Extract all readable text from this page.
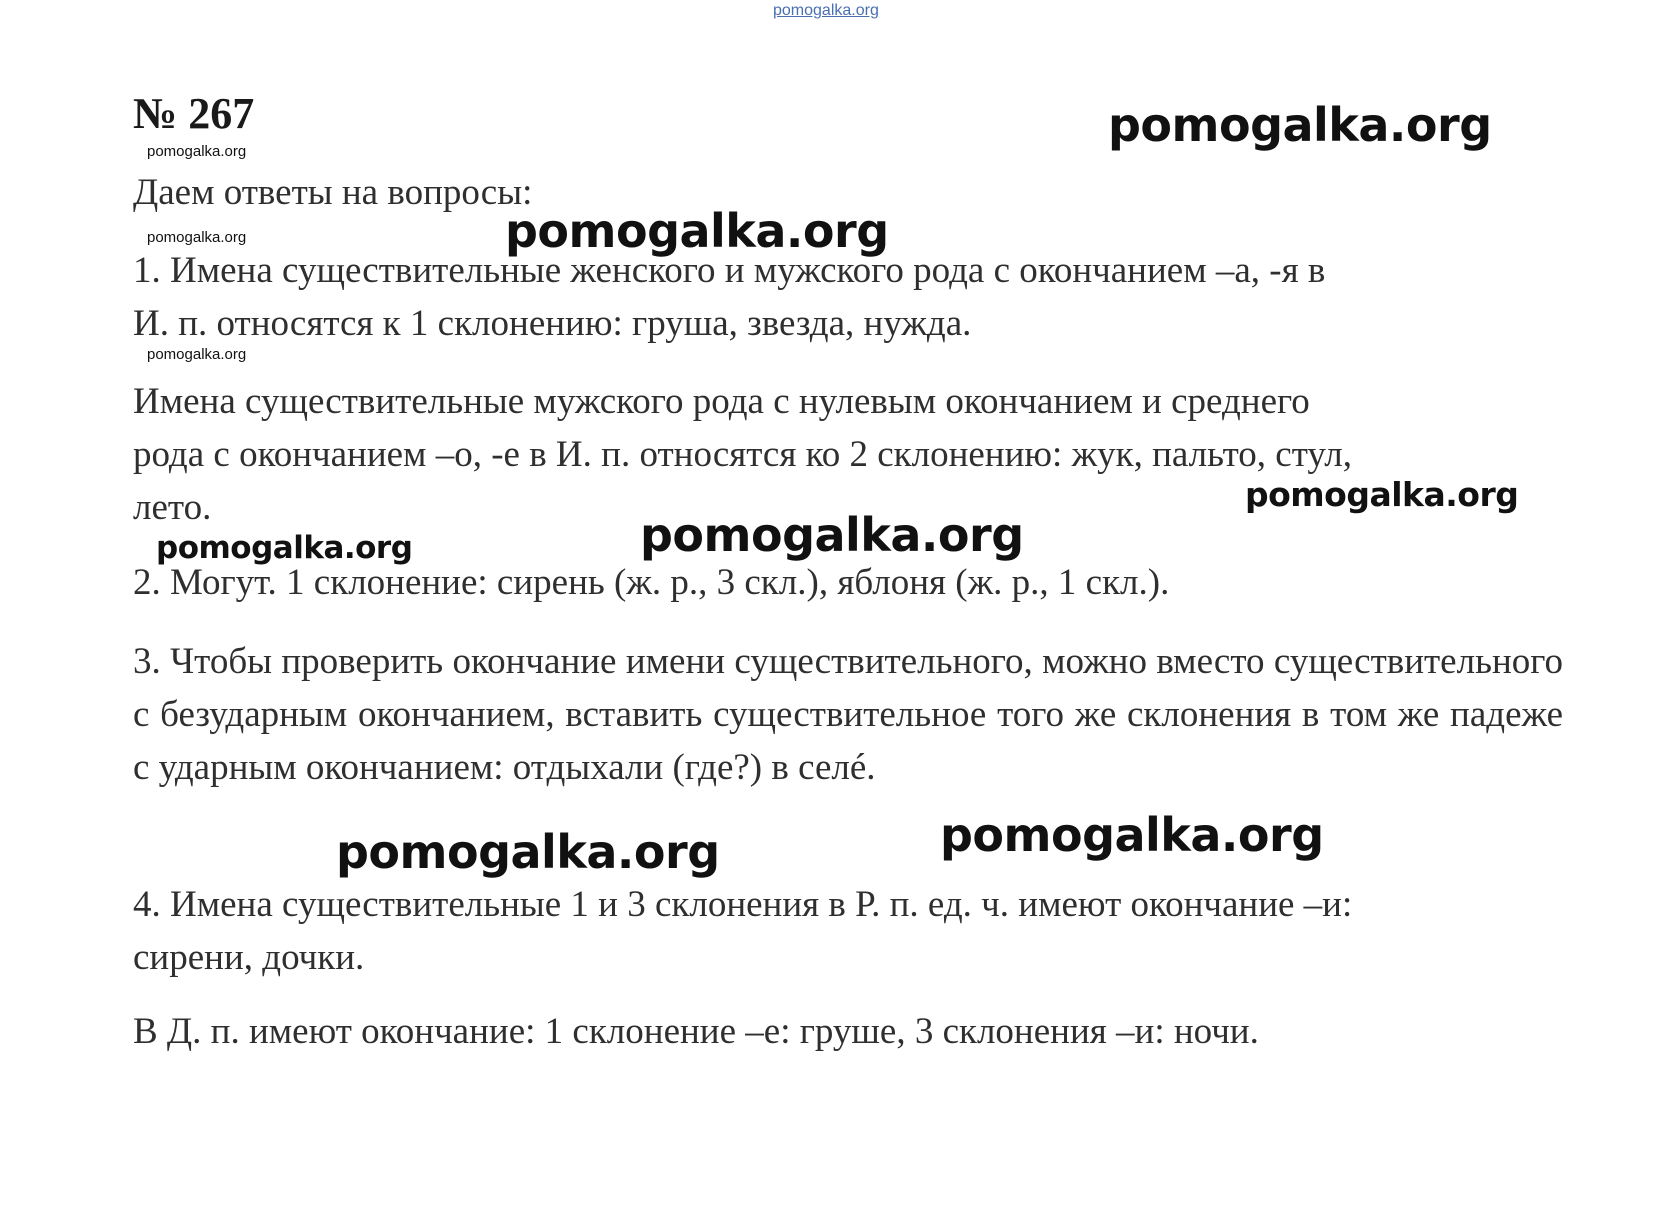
pomogalka.org
№ 267
pomogalka.org
pomogalka.org
pomogalka.org
Даем ответы на вопросы:
1. Имена существительные женского и мужского рода с окончанием –а, -я в
И. п. относятся к 1 склонению: груша, звезда, нужда.
Имена существительные мужского рода с нулевым окончанием и среднего
рода с окончанием –о, -е в И. п. относятся ко 2 склонению: жук, пальто, стул,
лето.
2. Могут. 1 склонение: сирень (ж. р., 3 скл.), яблоня (ж. р., 1 скл.).
3. Чтобы проверить окончание имени существительного, можно вместо существительного с безударным окончанием, вставить существительное того же склонения в том же падеже с ударным окончанием: отдыхали (где?) в селé.
4. Имена существительные 1 и 3 склонения в Р. п. ед. ч. имеют окончание –и:
сирени, дочки.
В Д. п. имеют окончание: 1 склонение –е: груше, 3 склонения –и: ночи.
pomogalka.org
pomogalka.org
pomogalka.org
pomogalka.org	pomogalka.org
pomogalka.org	pomogalka.org
